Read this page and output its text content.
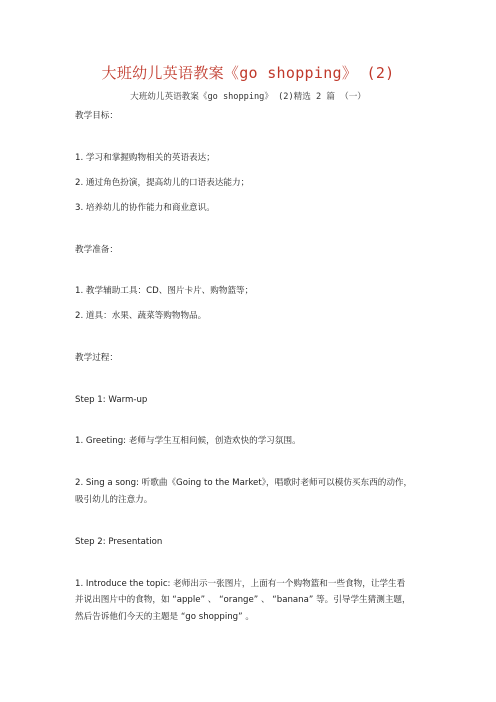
大班幼儿英语教案《go shopping》 (2)
大班幼儿英语教案《go shopping》 (2)精选 2 篇 （一）
教学目标：
1. 学习和掌握购物相关的英语表达；
2. 通过角色扮演，提高幼儿的口语表达能力；
3. 培养幼儿的协作能力和商业意识。
教学准备：
1. 教学辅助工具：CD、图片卡片、购物篮等；
2. 道具：水果、蔬菜等购物物品。
教学过程：
Step 1: Warm-up
1. Greeting: 老师与学生互相问候，创造欢快的学习氛围。
2. Sing a song: 听歌曲《Going to the Market》，唱歌时老师可以模仿买东西的动作，
吸引幼儿的注意力。
Step 2: Presentation
1. Introduce the topic: 老师出示一张图片，上面有一个购物篮和一些食物，让学生看
并说出图片中的食物，如 “apple” 、 “orange” 、 “banana” 等。引导学生猜测主题，
然后告诉他们今天的主题是 “go shopping” 。
